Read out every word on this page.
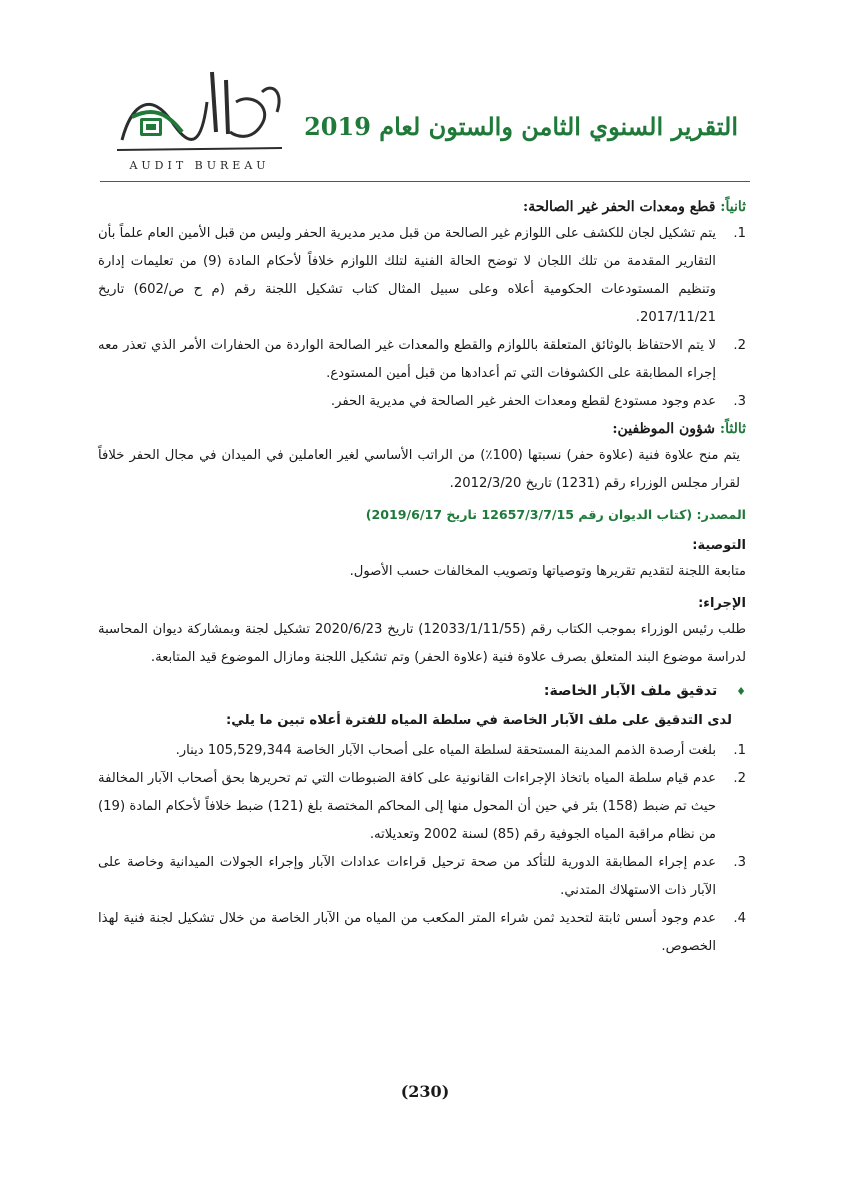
التقرير السنوي الثامن والستون لعام 2019
AUDIT BUREAU

ثانياً: قطع ومعدات الحفر غير الصالحة:

.1
يتم تشكيل لجان للكشف على اللوازم غير الصالحة من قبل مدير مديرية الحفر وليس من قبل الأمين العام علماً بأن التقارير المقدمة من تلك اللجان لا توضح الحالة الفنية لتلك اللوازم خلافاً لأحكام المادة (9) من تعليمات إدارة وتنظيم المستودعات الحكومية أعلاه وعلى سبيل المثال كتاب تشكيل اللجنة رقم (م ح ص/602) تاريخ 2017/11/21.
.2
لا يتم الاحتفاظ بالوثائق المتعلقة باللوازم والقطع والمعدات غير الصالحة الواردة من الحفارات الأمر الذي تعذر معه إجراء المطابقة على الكشوفات التي تم أعدادها من قبل أمين المستودع.
.3
عدم وجود مستودع لقطع ومعدات الحفر غير الصالحة في مديرية الحفر.

ثالثاً: شؤون الموظفين:

يتم منح علاوة فنية (علاوة حفر) نسبتها (100٪) من الراتب الأساسي لغير العاملين في الميدان في مجال الحفر خلافاً لقرار مجلس الوزراء رقم (1231) تاريخ 2012/3/20.

المصدر: (كتاب الديوان رقم 12657/3/7/15 تاريخ 2019/6/17)

التوصية:

متابعة اللجنة لتقديم تقريرها وتوصياتها وتصويب المخالفات حسب الأصول.

الإجراء:

طلب رئيس الوزراء بموجب الكتاب رقم (12033/1/11/55) تاريخ 2020/6/23 تشكيل لجنة وبمشاركة ديوان المحاسبة لدراسة موضوع البند المتعلق بصرف علاوة فنية (علاوة الحفر) وتم تشكيل اللجنة ومازال الموضوع قيد المتابعة.

♦ تدقيق ملف الآبار الخاصة:

لدى التدقيق على ملف الآبار الخاصة في سلطة المياه للفترة أعلاه تبين ما يلي:

.1
بلغت أرصدة الذمم المدينة المستحقة لسلطة المياه على أصحاب الآبار الخاصة 105,529,344 دينار.
.2
عدم قيام سلطة المياه باتخاذ الإجراءات القانونية على كافة الضبوطات التي تم تحريرها بحق أصحاب الآبار المخالفة حيث تم ضبط (158) بئر في حين أن المحول منها إلى المحاكم المختصة بلغ (121) ضبط خلافاً لأحكام المادة (19) من نظام مراقبة المياه الجوفية رقم (85) لسنة 2002 وتعديلاته.
.3
عدم إجراء المطابقة الدورية للتأكد من صحة ترحيل قراءات عدادات الآبار وإجراء الجولات الميدانية وخاصة على الآبار ذات الاستهلاك المتدني.
.4
عدم وجود أسس ثابتة لتحديد ثمن شراء المتر المكعب من المياه من الآبار الخاصة من خلال تشكيل لجنة فنية لهذا الخصوص.
(230)
